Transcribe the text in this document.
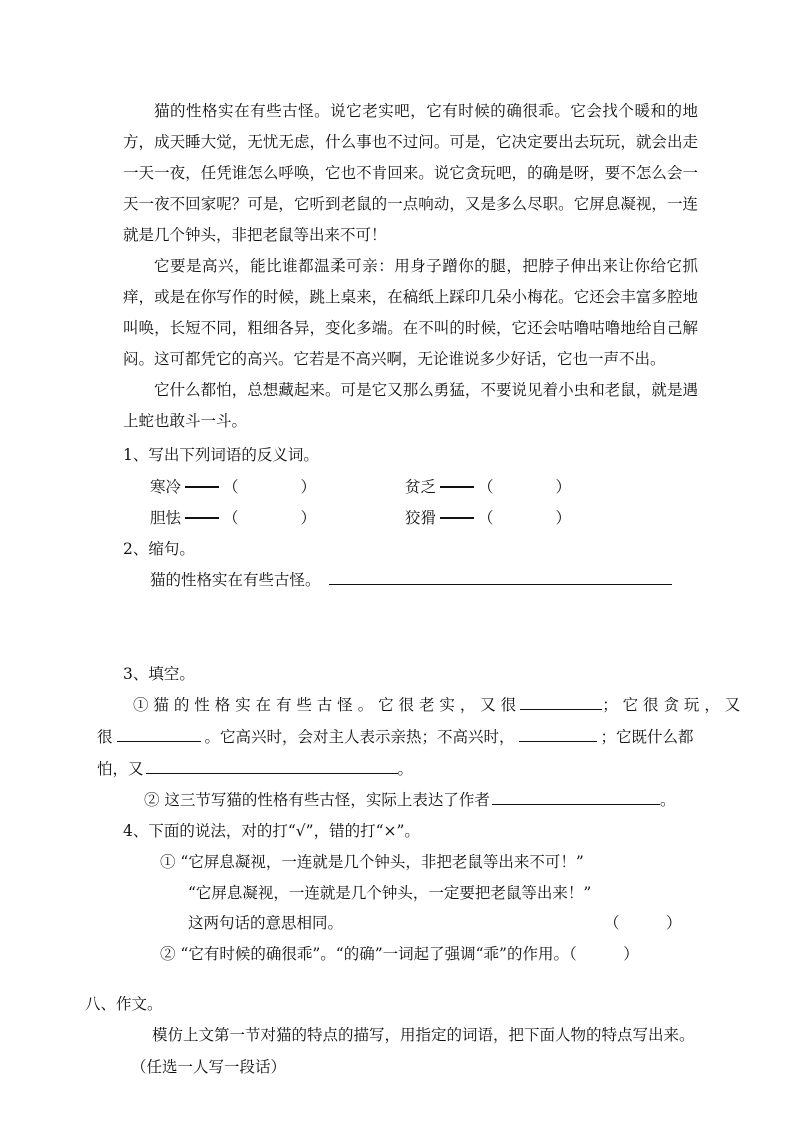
猫的性格实在有些古怪。说它老实吧，它有时候的确很乖。它会找个暖和的地方，成天睡大觉，无忧无虑，什么事也不过问。可是，它决定要出去玩玩，就会出走一天一夜，任凭谁怎么呼唤，它也不肯回来。说它贪玩吧，的确是呀，要不怎么会一天一夜不回家呢？可是，它听到老鼠的一点响动，又是多么尽职。它屏息凝视，一连就是几个钟头，非把老鼠等出来不可！

它要是高兴，能比谁都温柔可亲：用身子蹭你的腿，把脖子伸出来让你给它抓痒，或是在你写作的时候，跳上桌来，在稿纸上踩印几朵小梅花。它还会丰富多腔地叫唤，长短不同，粗细各异，变化多端。在不叫的时候，它还会咕噜咕噜地给自己解闷。这可都凭它的高兴。它若是不高兴啊，无论谁说多少好话，它也一声不出。

它什么都怕，总想藏起来。可是它又那么勇猛，不要说见着小虫和老鼠，就是遇上蛇也敢斗一斗。

1、写出下列词语的反义词。
寒冷	（　　　　）	贫乏	（　　　　）
胆怯	（　　　　）	狡猾	（　　　　）
2、缩句。
猫的性格实在有些古怪。
3、填空。
① 猫 的 性 格 实 在 有 些 古 怪 。 它 很 老 实 ， 又 很	； 它 很 贪 玩 ， 又
很	。它高兴时，会对主人表示亲热；不高兴时，	；它既什么都
怕，又	。
② 这三节写猫的性格有些古怪，实际上表达了作者	。
4、下面的说法，对的打“√”，错的打“×”。
① “它屏息凝视，一连就是几个钟头，非把老鼠等出来不可！”
“它屏息凝视，一连就是几个钟头，一定要把老鼠等出来！”
这两句话的意思相同。	（　　　）
② “它有时候的确很乖”。“的确”一词起了强调“乖”的作用。（　　　）
八、作文。
模仿上文第一节对猫的特点的描写，用指定的词语，把下面人物的特点写出来。
（任选一人写一段话）
